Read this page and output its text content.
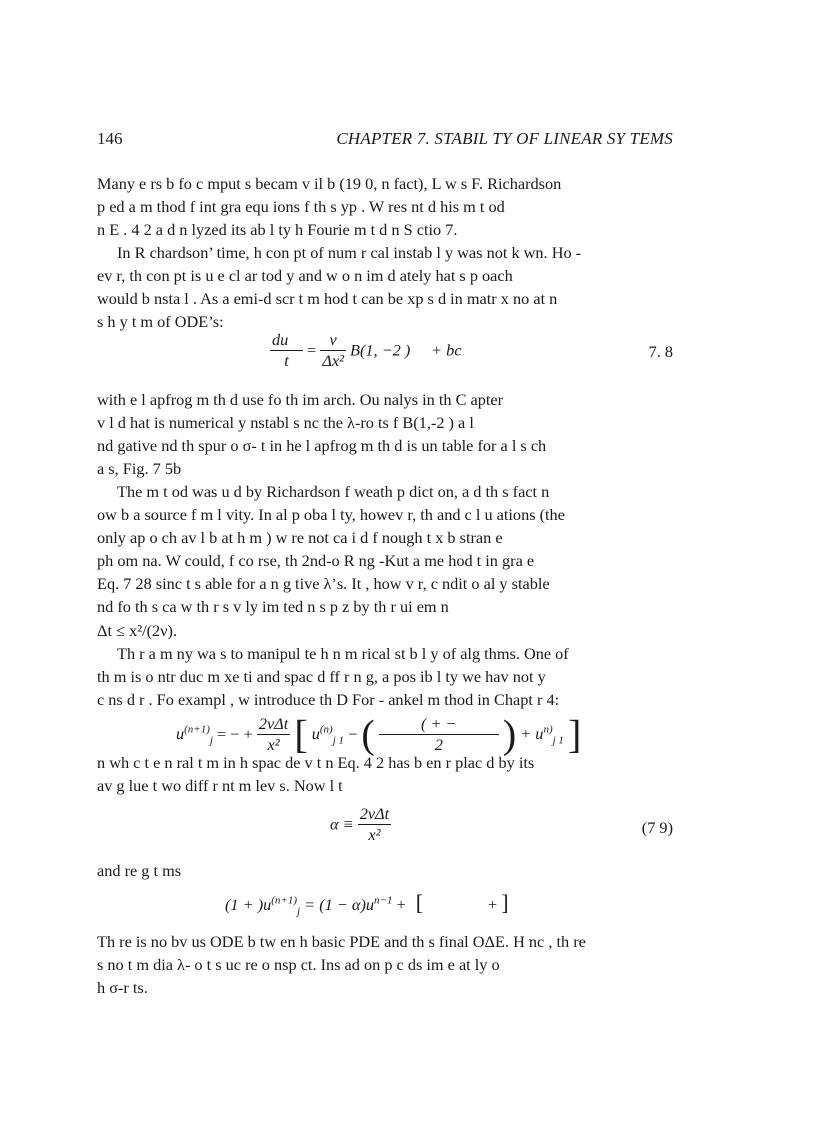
146	CHAPTER 7. STABIL TY OF LINEAR SY TEMS

Many e rs b fo c mput s becam v il b (19 0, n fact), L w s F. Richardson
p ed a m thod f int gra equ ions f th s yp . W res nt d his m t od
n E . 4 2 a d n lyzed its ab l ty h Fourie m t d n S ctio 7.

In R chardson’ time, h con pt of num r cal instab l y was not k wn. Ho -
ev r, th con pt is u e cl ar tod y and w o n im d ately hat s p oach
would b nsta l . As a emi-d scr t m hod t can be xp s d in matr x no at n
s h y t m of ODE’s:

$\frac{du⃗}{t} = \frac{\nu}{\text{Δx²}} B(1$, −2 ) ⃗ + bc	7. 8

with e l apfrog m th d use fo th im arch. Ou nalys in th C apter
v l d hat is numerical y nstabl s nc the λ-ro ts f B(1,-2 ) a l
nd gative nd th spur o σ- t in he l apfrog m th d is un table for a l s ch
a s, Fig. 7 5b

The m t od was u d by Richardson f weath p dict on, a d th s fact n
ow b a source f m l vity. In al p oba l ty, howev r, th and c l u ations (the
only ap o ch av l b at h m ) w re not ca i d f nough t x b stran e
ph om na. W could, f co rse, th 2nd-o R ng -Kut a me hod t in gra e
Eq. 7 28 sinc t s able for a n g tive λ’s. It , how v r, c ndit o al y stable
nd fo th s ca w th r s v ly im ted n s p z by th r ui em n
Δt ≤ x²/(2ν).

Th r a m ny wa s to manipul te h n m rical st b l y of alg thms. One of
th m is o ntr duc m xe ti and spac d ff r n g, a pos ib l ty we hav not y
c ns d r . Fo exampl , w introduce th D For - ankel m thod in Chapt r 4:

$u^{(n+1)}_j$ = − + $\frac{\text{2νΔt}}{\text{x²}}$ [ $u^{(n)}_{j 1}$ − ( $\frac{( + -}{2}$ ) + $u^{n)}_{j 1}$ ]

n wh c t e n ral t m in h spac de v t n Eq. 4 2 has b en r plac d by its
av g lue t wo diff r nt m lev s. Now l t

$\alpha \equiv \frac{\text{2νΔt}}{\text{x²}}$	(7 9)

and re g t ms

$(1 + )u^{(n+1)}_j = (1 - \alpha)u^{n-1}$ + [	+ ]

Th re is no bv us ODE b tw en h basic PDE and th s final OΔE. H nc , th re
s no t m dia λ- o t s uc re o nsp ct. Ins ad on p c ds im e at ly o
h σ-r ts.
